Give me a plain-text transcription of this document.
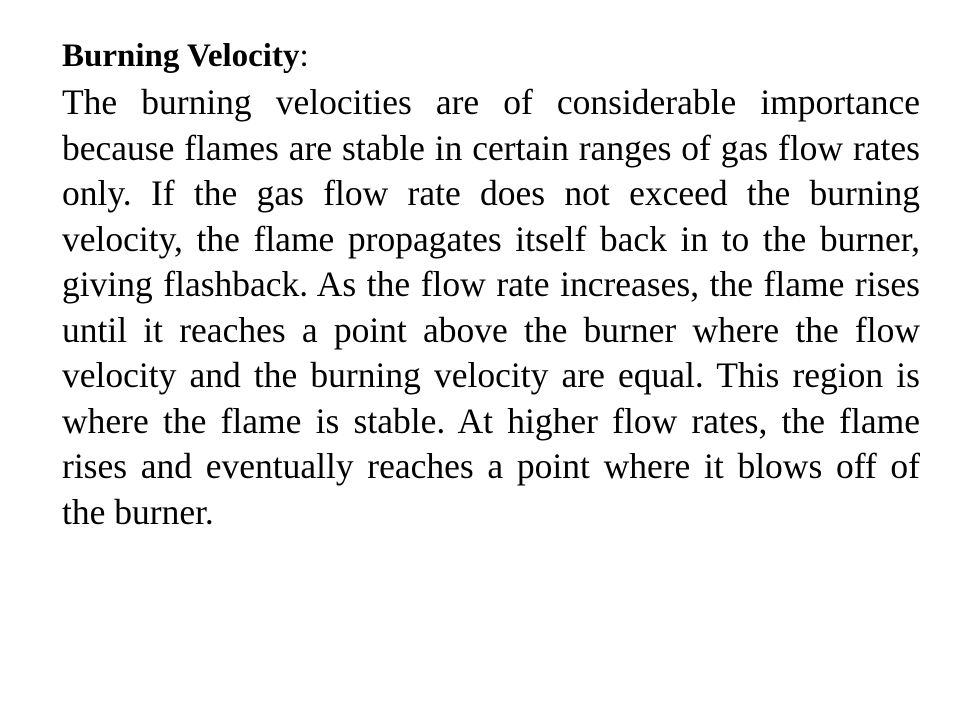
Burning Velocity:

The burning velocities are of considerable importance because flames are stable in certain ranges of gas flow rates only. If the gas flow rate does not exceed the burning velocity, the flame propagates itself back in to the burner, giving flashback. As the flow rate increases, the flame rises until it reaches a point above the burner where the flow velocity and the burning velocity are equal. This region is where the flame is stable. At higher flow rates, the flame rises and eventually reaches a point where it blows off of the burner.
